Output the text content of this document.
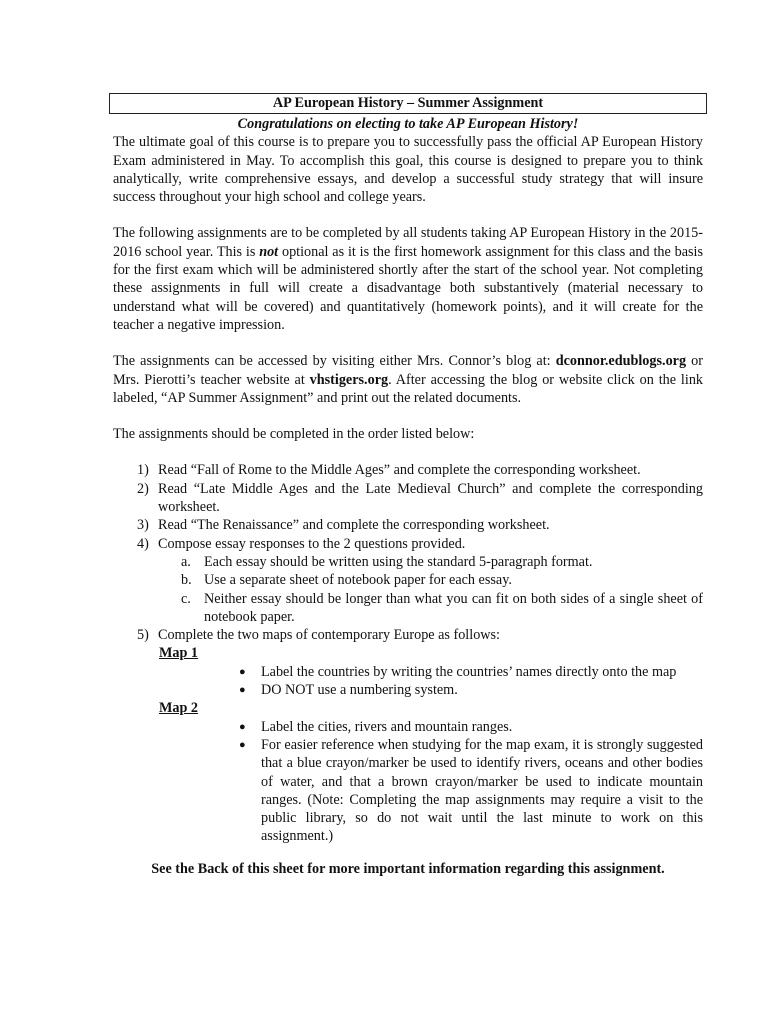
AP European History – Summer Assignment
Congratulations on electing to take AP European History!

The ultimate goal of this course is to prepare you to successfully pass the official AP European History Exam administered in May. To accomplish this goal, this course is designed to prepare you to think analytically, write comprehensive essays, and develop a successful study strategy that will insure success throughout your high school and college years.

The following assignments are to be completed by all students taking AP European History in the 2015-2016 school year. This is not optional as it is the first homework assignment for this class and the basis for the first exam which will be administered shortly after the start of the school year. Not completing these assignments in full will create a disadvantage both substantively (material necessary to understand what will be covered) and quantitatively (homework points), and it will create for the teacher a negative impression.

The assignments can be accessed by visiting either Mrs. Connor’s blog at: dconnor.edublogs.org or Mrs. Pierotti’s teacher website at vhstigers.org. After accessing the blog or website click on the link labeled, “AP Summer Assignment” and print out the related documents.

The assignments should be completed in the order listed below:

1) Read “Fall of Rome to the Middle Ages” and complete the corresponding worksheet.
2) Read “Late Middle Ages and the Late Medieval Church” and complete the corresponding worksheet.
3) Read “The Renaissance” and complete the corresponding worksheet.
4) Compose essay responses to the 2 questions provided.
a. Each essay should be written using the standard 5-paragraph format.
b. Use a separate sheet of notebook paper for each essay.
c. Neither essay should be longer than what you can fit on both sides of a single sheet of notebook paper.
5) Complete the two maps of contemporary Europe as follows:
Map 1
● Label the countries by writing the countries’ names directly onto the map
● DO NOT use a numbering system.
Map 2
● Label the cities, rivers and mountain ranges.
● For easier reference when studying for the map exam, it is strongly suggested that a blue crayon/marker be used to identify rivers, oceans and other bodies of water, and that a brown crayon/marker be used to indicate mountain ranges. (Note: Completing the map assignments may require a visit to the public library, so do not wait until the last minute to work on this assignment.)
See the Back of this sheet for more important information regarding this assignment.
